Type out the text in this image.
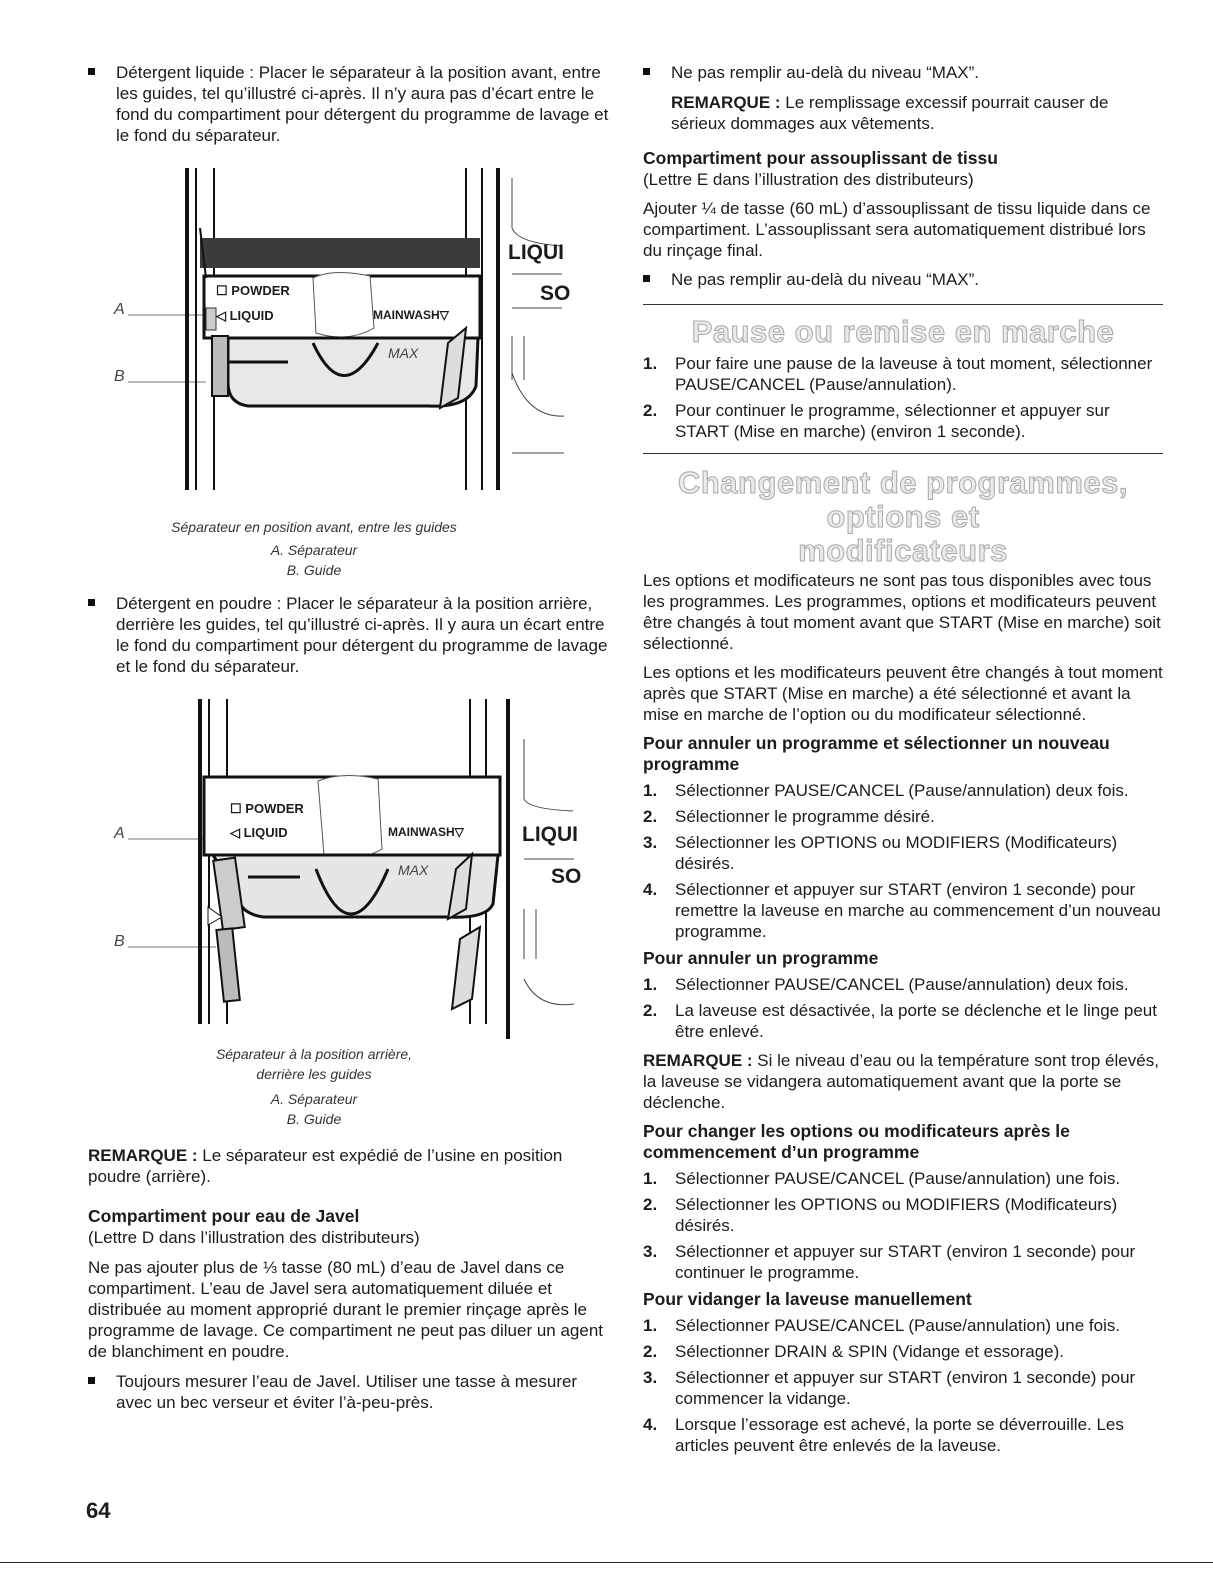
Détergent liquide : Placer le séparateur à la position avant, entre les guides, tel qu’illustré ci-après. Il n’y aura pas d’écart entre le fond du compartiment pour détergent du programme de lavage et le fond du séparateur.
A
B
MAX
☐ POWDER
◁ LIQUID	MAINWASH▽
LIQUI
SO
Séparateur en position avant, entre les guides
A. Séparateur
B. Guide
Détergent en poudre : Placer le séparateur à la position arrière, derrière les guides, tel qu’illustré ci-après. Il y aura un écart entre le fond du compartiment pour détergent du programme de lavage et le fond du séparateur.
A
B
MAX
☐ POWDER
◁ LIQUID	MAINWASH▽	LIQUI
SO
Séparateur à la position arrière,
derrière les guides
A. Séparateur
B. Guide

REMARQUE : Le séparateur est expédié de l’usine en position poudre (arrière).

Compartiment pour eau de Javel

(Lettre D dans l’illustration des distributeurs)

Ne pas ajouter plus de ⅓ tasse (80 mL) d’eau de Javel dans ce compartiment. L’eau de Javel sera automatiquement diluée et distribuée au moment approprié durant le premier rinçage après le programme de lavage. Ce compartiment ne peut pas diluer un agent de blanchiment en poudre.

Toujours mesurer l’eau de Javel. Utiliser une tasse à mesurer avec un bec verseur et éviter l’à-peu-près.
Ne pas remplir au-delà du niveau “MAX”.

REMARQUE : Le remplissage excessif pourrait causer de sérieux dommages aux vêtements.

Compartiment pour assouplissant de tissu

(Lettre E dans l’illustration des distributeurs)

Ajouter ¼ de tasse (60 mL) d’assouplissant de tissu liquide dans ce compartiment. L’assouplissant sera automatiquement distribué lors du rinçage final.

Ne pas remplir au-delà du niveau “MAX”.
Pause ou remise en marche
1. Pour faire une pause de la laveuse à tout moment, sélectionner PAUSE/CANCEL (Pause/annulation).
2. Pour continuer le programme, sélectionner et appuyer sur START (Mise en marche) (environ 1 seconde).
Changement de programmes, options et
modificateurs

Les options et modificateurs ne sont pas tous disponibles avec tous les programmes. Les programmes, options et modificateurs peuvent être changés à tout moment avant que START (Mise en marche) soit sélectionné.

Les options et les modificateurs peuvent être changés à tout moment après que START (Mise en marche) a été sélectionné et avant la mise en marche de l’option ou du modificateur sélectionné.

Pour annuler un programme et sélectionner un nouveau programme

1. Sélectionner PAUSE/CANCEL (Pause/annulation) deux fois.
2. Sélectionner le programme désiré.
3. Sélectionner les OPTIONS ou MODIFIERS (Modificateurs) désirés.
4. Sélectionner et appuyer sur START (environ 1 seconde) pour remettre la laveuse en marche au commencement d’un nouveau programme.

Pour annuler un programme

1. Sélectionner PAUSE/CANCEL (Pause/annulation) deux fois.
2. La laveuse est désactivée, la porte se déclenche et le linge peut être enlevé.

REMARQUE : Si le niveau d’eau ou la température sont trop élevés, la laveuse se vidangera automatiquement avant que la porte se déclenche.

Pour changer les options ou modificateurs après le commencement d’un programme

1. Sélectionner PAUSE/CANCEL (Pause/annulation) une fois.
2. Sélectionner les OPTIONS ou MODIFIERS (Modificateurs) désirés.
3. Sélectionner et appuyer sur START (environ 1 seconde) pour continuer le programme.

Pour vidanger la laveuse manuellement

1. Sélectionner PAUSE/CANCEL (Pause/annulation) une fois.
2. Sélectionner DRAIN & SPIN (Vidange et essorage).
3. Sélectionner et appuyer sur START (environ 1 seconde) pour commencer la vidange.
4. Lorsque l’essorage est achevé, la porte se déverrouille. Les articles peuvent être enlevés de la laveuse.
64
